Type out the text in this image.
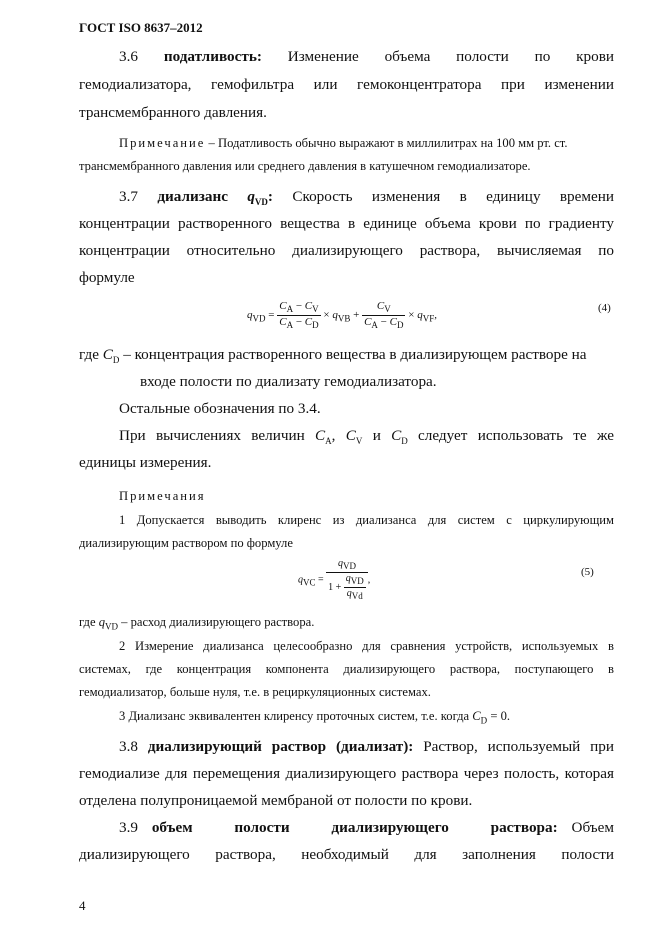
ГОСТ ISO 8637–2012
3.6 податливость: Изменение объема полости по крови
гемодиализатора, гемофильтра или гемоконцентратора при изменении
трансмембранного давления.
Примечание – Податливость обычно выражают в миллилитрах на 100 мм рт. ст.
трансмембранного давления или среднего давления в катушечном гемодиализаторе.
3.7 диализанс $q_{VD}$: Скорость изменения в единицу времени
концентрации растворенного вещества в единице объема крови по градиенту
концентрации относительно диализирующего раствора, вычисляемая по
формуле
$q_{VD} = \frac{C_A - C_V}{C_A - C_D} \times q_{VB} + \frac{C_V}{C_A - C_D} \times q_{VF}$,
(4)
где $C_D$ – концентрация растворенного вещества в диализирующем растворе на
входе полости по диализату гемодиализатора.
Остальные обозначения по 3.4.
При вычислениях величин $C_A$, $C_V$ и $C_D$ следует использовать те же
единицы измерения.
Примечания
1 Допускается выводить клиренс из диализанса для систем с циркулирующим
диализирующим раствором по формуле
$q_{VC} = \frac{q_{VD}}{1 + \frac{q_{VD}}{q_{Vd}}}$ ,
(5)
где $q_{VD}$ – расход диализирующего раствора.
2 Измерение диализанса целесообразно для сравнения устройств, используемых в
системах, где концентрация компонента диализирующего раствора, поступающего в
гемодиализатор, больше нуля, т.е. в рециркуляционных системах.
3 Диализанс эквивалентен клиренсу проточных систем, т.е. когда $C_D = 0$.
3.8 диализирующий раствор (диализат): Раствор, используемый при
гемодиализе для перемещения диализирующего раствора через полость, которая
отделена полупроницаемой мембраной от полости по крови.
3.9 объем полости диализирующего раствора: Объем
диализирующего раствора, необходимый для заполнения полости
4
